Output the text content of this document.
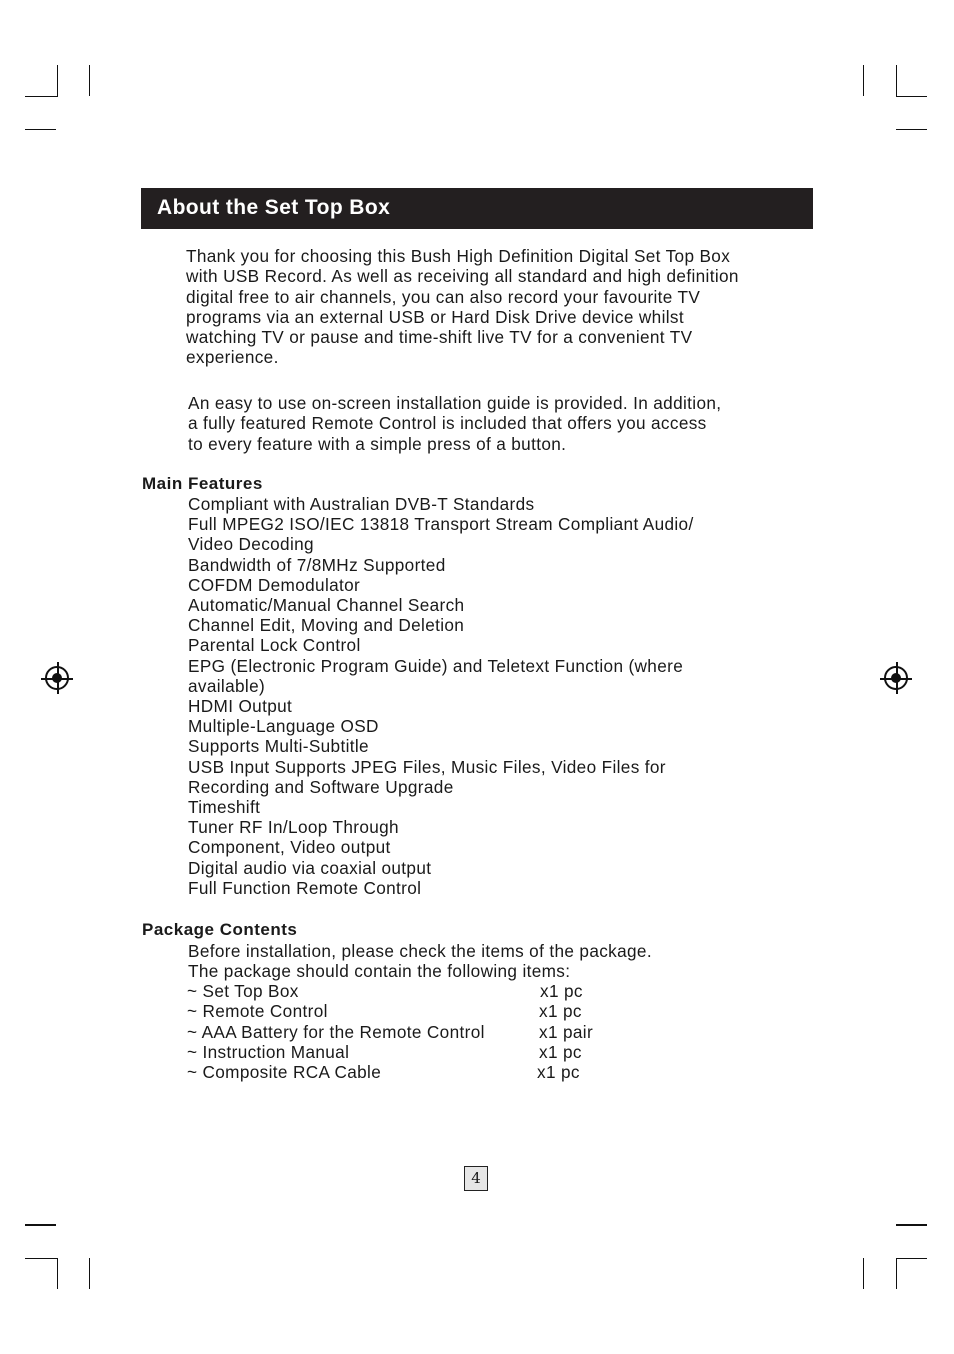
About the Set Top Box

Thank you for choosing this Bush High Definition Digital Set Top Box
with USB Record. As well as receiving all standard and high definition
digital free to air channels, you can also record your favourite TV
programs via an external USB or Hard Disk Drive device whilst
watching TV or pause and time-shift live TV for a convenient TV
experience.

An easy to use on-screen installation guide is provided. In addition,
a fully featured Remote Control is included that offers you access
to every feature with a simple press of a button.

Main Features
Compliant with Australian DVB-T Standards
Full MPEG2 ISO/IEC 13818 Transport Stream Compliant Audio/
Video Decoding
Bandwidth of 7/8MHz Supported
COFDM Demodulator
Automatic/Manual Channel Search
Channel Edit, Moving and Deletion
Parental Lock Control
EPG (Electronic Program Guide) and Teletext Function (where
available)
HDMI Output
Multiple-Language OSD
Supports Multi-Subtitle
USB Input Supports JPEG Files, Music Files, Video Files for
Recording and Software Upgrade
Timeshift
Tuner RF In/Loop Through
Component, Video output
Digital audio via coaxial output
Full Function Remote Control
Package Contents

Before installation, please check the items of the package.
The package should contain the following items:

~ Set Top Box	x1 pc
~ Remote Control	x1 pc
~ AAA Battery for the Remote Control	x1 pair
~ Instruction Manual	x1 pc
~ Composite RCA Cable	x1 pc
4
